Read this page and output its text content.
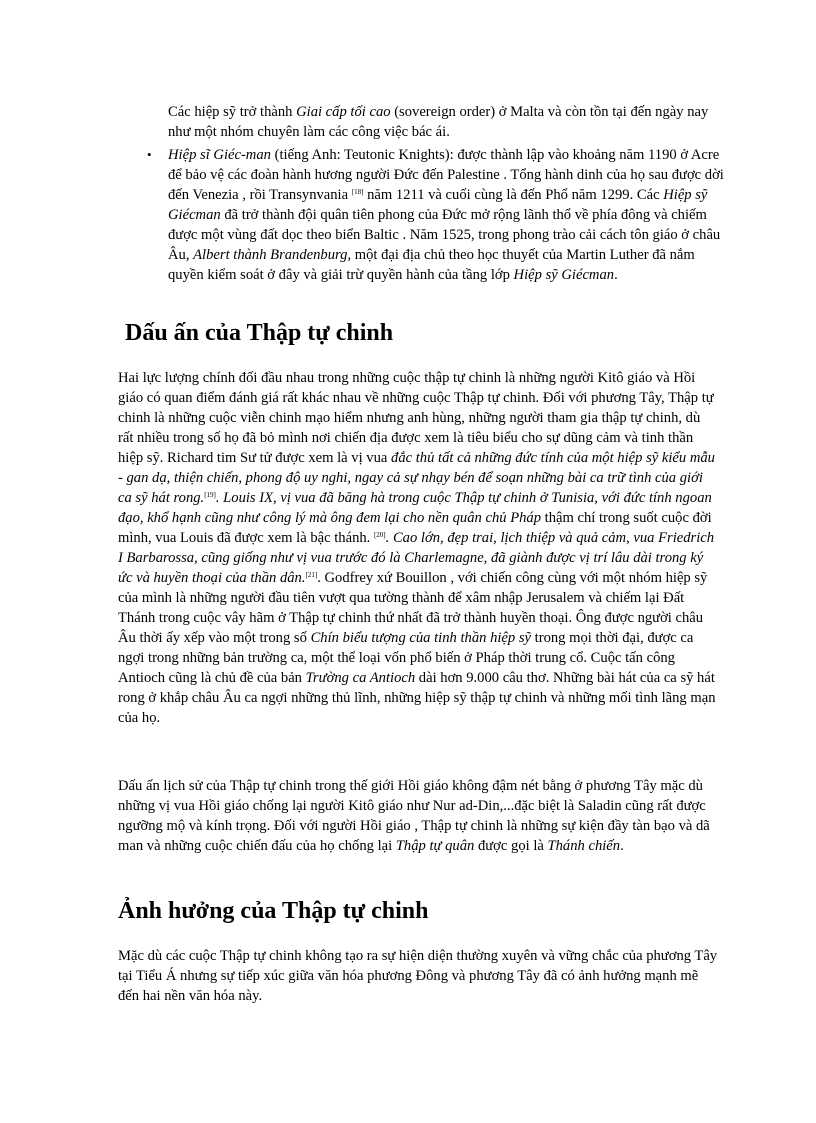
Các hiệp sỹ trở thành Giai cấp tối cao (sovereign order) ở Malta và còn tồn tại đến ngày nay như một nhóm chuyên làm các công việc bác ái.
• Hiệp sĩ Giéc-man (tiếng Anh: Teutonic Knights): được thành lập vào khoảng năm 1190 ở Acre để bảo vệ các đoàn hành hương người Đức đến Palestine . Tổng hành dinh của họ sau được dời đến Venezia , rồi Transynvania [18] năm 1211 và cuối cùng là đến Phổ năm 1299. Các Hiệp sỹ Giécman đã trở thành đội quân tiên phong của Đức mở rộng lãnh thổ về phía đông và chiếm được một vùng đất dọc theo biển Baltic . Năm 1525, trong phong trào cải cách tôn giáo ở châu Âu, Albert thành Brandenburg, một đại địa chủ theo học thuyết của Martin Luther đã nắm quyền kiểm soát ở đây và giải trừ quyền hành của tầng lớp Hiệp sỹ Giécman.
Dấu ấn của Thập tự chinh
Hai lực lượng chính đối đầu nhau trong những cuộc thập tự chinh là những người Kitô giáo và Hồi giáo có quan điểm đánh giá rất khác nhau về những cuộc Thập tự chinh. Đối với phương Tây, Thập tự chinh là những cuộc viễn chinh mạo hiểm nhưng anh hùng, những người tham gia thập tự chinh, dù rất nhiều trong số họ đã bỏ mình nơi chiến địa được xem là tiêu biểu cho sự dũng cảm và tinh thần hiệp sỹ. Richard tim Sư tử được xem là vị vua đắc thủ tất cả những đức tính của một hiệp sỹ kiểu mẫu - gan dạ, thiện chiến, phong độ uy nghi, ngay cả sự nhạy bén để soạn những bài ca trữ tình của giới ca sỹ hát rong.[19]. Louis IX, vị vua đã băng hà trong cuộc Thập tự chinh ở Tunisia, với đức tính ngoan đạo, khổ hạnh cũng như công lý mà ông đem lại cho nền quân chủ Pháp thậm chí trong suốt cuộc đời mình, vua Louis đã được xem là bậc thánh. [20]. Cao lớn, đẹp trai, lịch thiệp và quả cảm, vua Friedrich I Barbarossa, cũng giống như vị vua trước đó là Charlemagne, đã giành được vị trí lâu dài trong ký ức và huyền thoại của thần dân.[21]. Godfrey xứ Bouillon , với chiến công cùng với một nhóm hiệp sỹ của mình là những người đầu tiên vượt qua tường thành để xâm nhập Jerusalem và chiếm lại Đất Thánh trong cuộc vây hãm ở Thập tự chinh thứ nhất đã trở thành huyền thoại. Ông được người châu Âu thời ấy xếp vào một trong số Chín biểu tượng của tinh thần hiệp sỹ trong mọi thời đại, được ca ngợi trong những bản trường ca, một thể loại vốn phổ biến ở Pháp thời trung cổ. Cuộc tấn công Antioch cũng là chủ đề của bản Trường ca Antioch dài hơn 9.000 câu thơ. Những bài hát của ca sỹ hát rong ở khắp châu Âu ca ngợi những thủ lĩnh, những hiệp sỹ thập tự chinh và những mối tình lãng mạn của họ.
Dấu ấn lịch sử của Thập tự chinh trong thế giới Hồi giáo không đậm nét bằng ở phương Tây mặc dù những vị vua Hồi giáo chống lại người Kitô giáo như Nur ad-Din,...đặc biệt là Saladin cũng rất được ngưỡng mộ và kính trọng. Đối với người Hồi giáo , Thập tự chinh là những sự kiện đầy tàn bạo và dã man và những cuộc chiến đấu của họ chống lại Thập tự quân được gọi là Thánh chiến.
Ảnh hưởng của Thập tự chinh
Mặc dù các cuộc Thập tự chinh không tạo ra sự hiện diện thường xuyên và vững chắc của phương Tây tại Tiểu Á nhưng sự tiếp xúc giữa văn hóa phương Đông và phương Tây đã có ảnh hưởng mạnh mẽ đến hai nền văn hóa này.
